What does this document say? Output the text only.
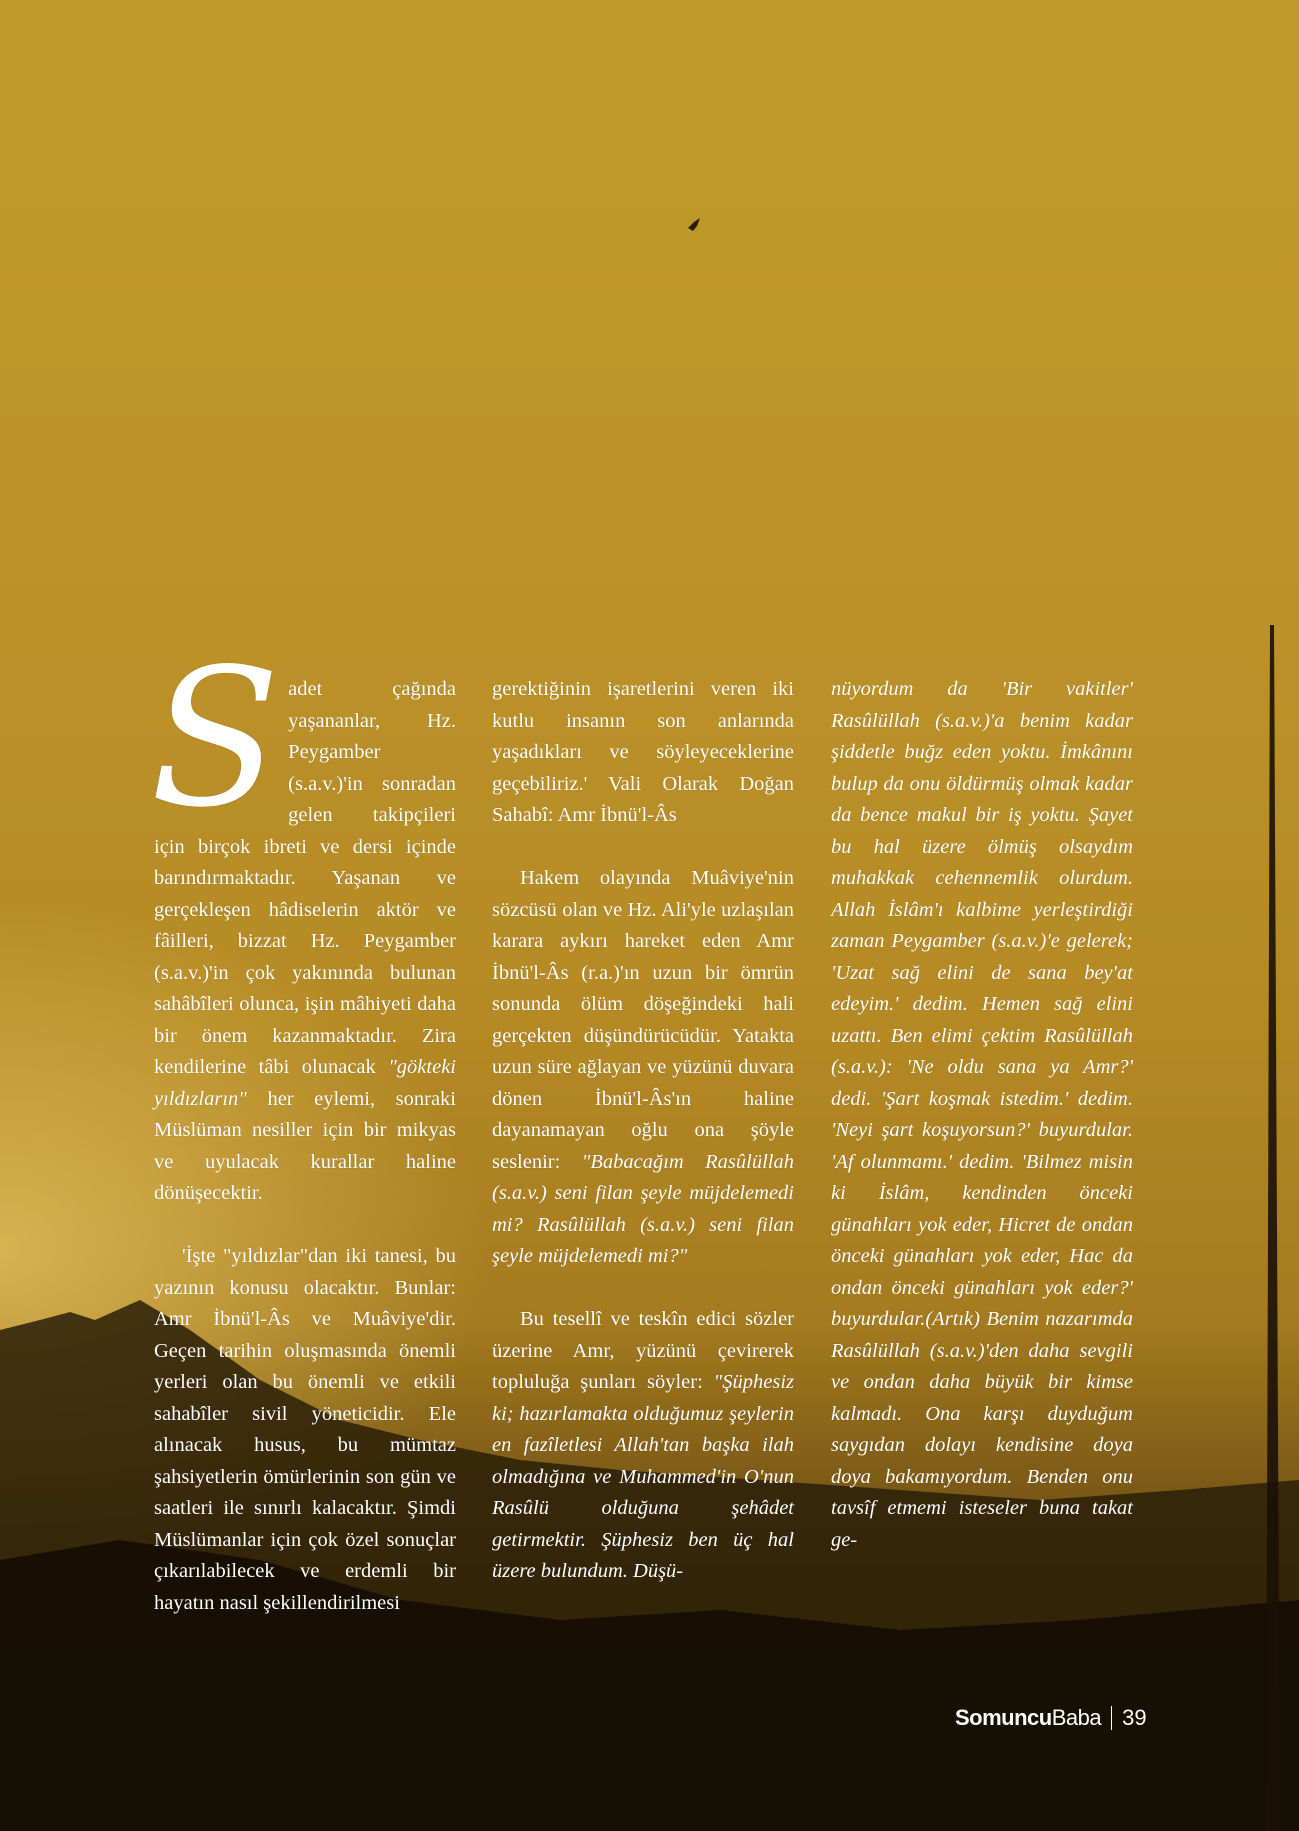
Sadet çağında yaşananlar, Hz. Peygamber (s.a.v.)'in sonradan gelen takipçileri için birçok ibreti ve dersi içinde barındırmaktadır. Yaşanan ve gerçekleşen hâdiselerin aktör ve fâilleri, bizzat Hz. Peygamber (s.a.v.)'in çok yakınında bulunan sahâbîleri olunca, işin mâhiyeti daha bir önem kazanmaktadır. Zira kendilerine tâbi olunacak "gökteki yıldızların" her eylemi, sonraki Müslüman nesiller için bir mikyas ve uyulacak kurallar haline dönüşecektir.

'İşte "yıldızlar"dan iki tanesi, bu yazının konusu olacaktır. Bunlar: Amr İbnü'l-Âs ve Muâviye'dir. Geçen tarihin oluşmasında önemli yerleri olan bu önemli ve etkili sahabîler sivil yöneticidir. Ele alınacak husus, bu mümtaz şahsiyetlerin ömürlerinin son gün ve saatleri ile sınırlı kalacaktır. Şimdi Müslümanlar için çok özel sonuçlar çıkarılabilecek ve erdemli bir hayatın nasıl şekillendirilmesi

gerektiğinin işaretlerini veren iki kutlu insanın son anlarında yaşadıkları ve söyleyeceklerine geçebiliriz.' Vali Olarak Doğan Sahabî: Amr İbnü'l-Âs

Hakem olayında Muâviye'nin sözcüsü olan ve Hz. Ali'yle uzlaşılan karara aykırı hareket eden Amr İbnü'l-Âs (r.a.)'ın uzun bir ömrün sonunda ölüm döşeğindeki hali gerçekten düşündürücüdür. Yatakta uzun süre ağlayan ve yüzünü duvara dönen İbnü'l-Âs'ın haline dayanamayan oğlu ona şöyle seslenir: "Babacağım Rasûlüllah (s.a.v.) seni filan şeyle müjdelemedi mi? Rasûlüllah (s.a.v.) seni filan şeyle müjdelemedi mi?"

Bu tesellî ve teskîn edici sözler üzerine Amr, yüzünü çevirerek topluluğa şunları söyler: "Şüphesiz ki; hazırlamakta olduğumuz şeylerin en fazîletlesi Allah'tan başka ilah olmadığına ve Muhammed'in O'nun Rasûlü olduğuna şehâdet getirmektir. Şüphesiz ben üç hal üzere bulundum. Düşü-

nüyordum da 'Bir vakitler' Rasûlüllah (s.a.v.)'a benim kadar şiddetle buğz eden yoktu. İmkânını bulup da onu öldürmüş olmak kadar da bence makul bir iş yoktu. Şayet bu hal üzere ölmüş olsaydım muhakkak cehennemlik olurdum. Allah İslâm'ı kalbime yerleştirdiği zaman Peygamber (s.a.v.)'e gelerek; 'Uzat sağ elini de sana bey'at edeyim.' dedim. Hemen sağ elini uzattı. Ben elimi çektim Rasûlüllah (s.a.v.): 'Ne oldu sana ya Amr?' dedi. 'Şart koşmak istedim.' dedim. 'Neyi şart koşuyorsun?' buyurdular. 'Af olunmamı.' dedim. 'Bilmez misin ki İslâm, kendinden önceki günahları yok eder, Hicret de ondan önceki günahları yok eder, Hac da ondan önceki günahları yok eder?' buyurdular.(Artık) Benim nazarımda Rasûlüllah (s.a.v.)'den daha sevgili ve ondan daha büyük bir kimse kalmadı. Ona karşı duyduğum saygıdan dolayı kendisine doya doya bakamıyordum. Benden onu tavsîf etmemi isteseler buna takat ge-

SomuncuBaba 39
